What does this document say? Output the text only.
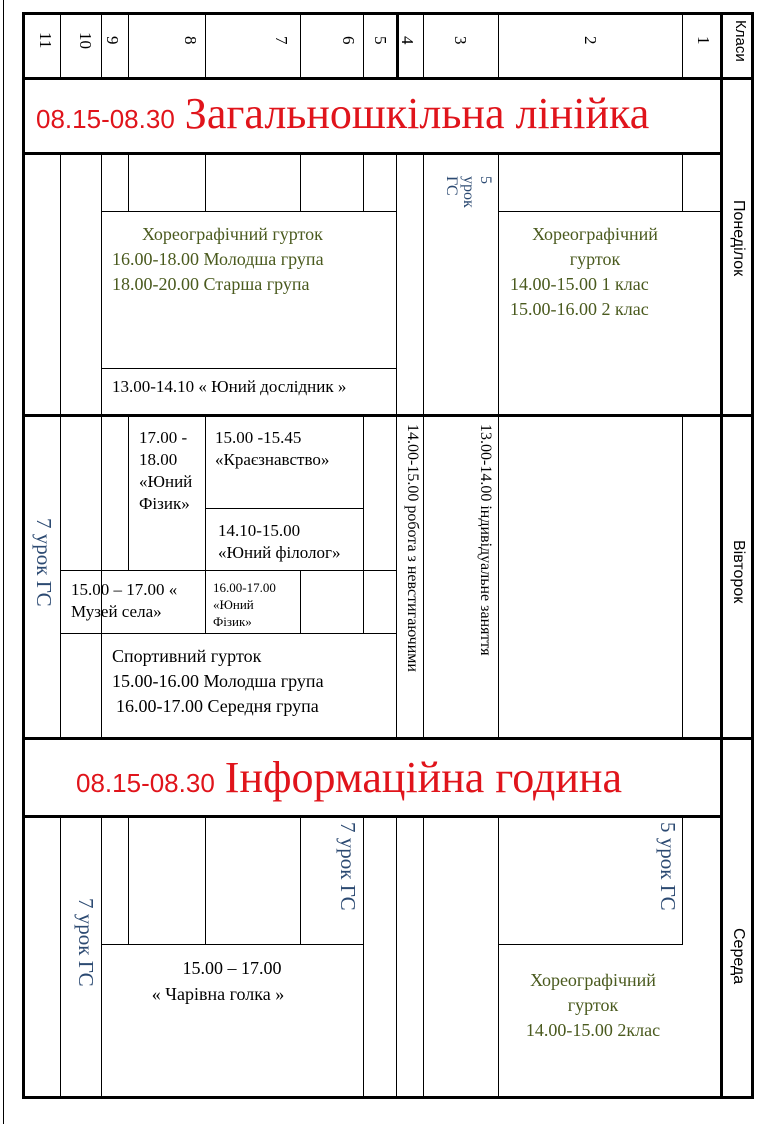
Класи
1
2
3
4
5
6
7
8
9
10
11
08.15-08.30 Загальношкільна лінійка
Понеділок
Вівторок
Середа
5
урок
ГС
Хореографічний
гурток
14.00-15.00 1 клас
15.00-16.00 2 клас
Хореографічний гурток
16.00-18.00 Молодша група
18.00-20.00 Старша група
13.00-14.10 « Юний дослідник »
7 урок ГС	13.00-14.00 індивідуальне заняття
14.00-15.00 робота з невстигаючими
17.00 -
18.00
«Юний
Фізик»
15.00 -15.45
«Краєзнавство»
14.10-15.00
«Юний філолог»
15.00 – 17.00 «
Музей села»
16.00-17.00
«Юний
Фізик»
Спортивний гурток
15.00-16.00 Молодша група
16.00-17.00 Середня група
08.15-08.30 Інформаційна година
5 урок ГС
7 урок ГС
7 урок ГС	15.00 – 17.00
« Чарівна голка »
Хореографічний
гурток
14.00-15.00 2клас
